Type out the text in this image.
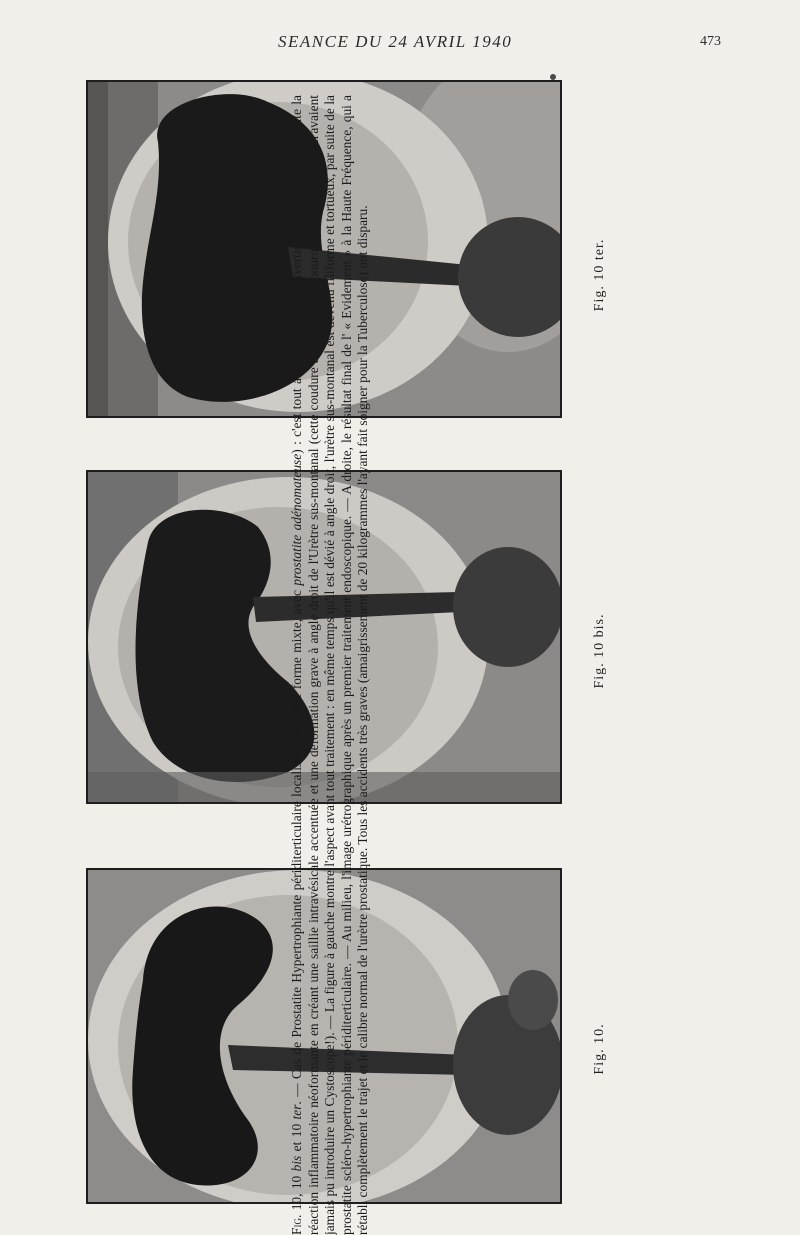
SEANCE DU 24 AVRIL 1940	473
Fig. 10 ter.
Fig. 10 bis.
Fig. 10.

Fig. 10, 10 bis et 10 ter. — Cas de Prostatite Hypertrophiante périditerticulaire localisée (peut-être forme mixte, avec prostatite adénomateuse) : c'est tout autour des foyers diverticulaires que s'est produite la réaction inflammatoire néoformante en créant une saillie intravésicale accentuée et une déformation grave à angle droit de l'Urètre sus-montanal (cette coudure à 90° explique pourquoi deux collègues n'avaient jamais pu introduire un Cystoscope!). — La figure à gauche montre l'aspect avant tout traitement : en même temps qu'il est dévié à angle droit, l'urètre sus-montanal est devenu filiforme et tortueux, par suite de la prostatite scléro-hypertrophiante périditerticulaire. — Au milieu, l'image urétrographique après un premier traitement endoscopique. — A droite, le résultat final de l' « Evidement » à la Haute Fréquence, qui a rétabli complètement le trajet et le calibre normal de l'urètre prostatique. Tous les accidents très graves (amaigrissement de 20 kilogrammes l'ayant fait soigner pour la Tuberculose) ont disparu.
